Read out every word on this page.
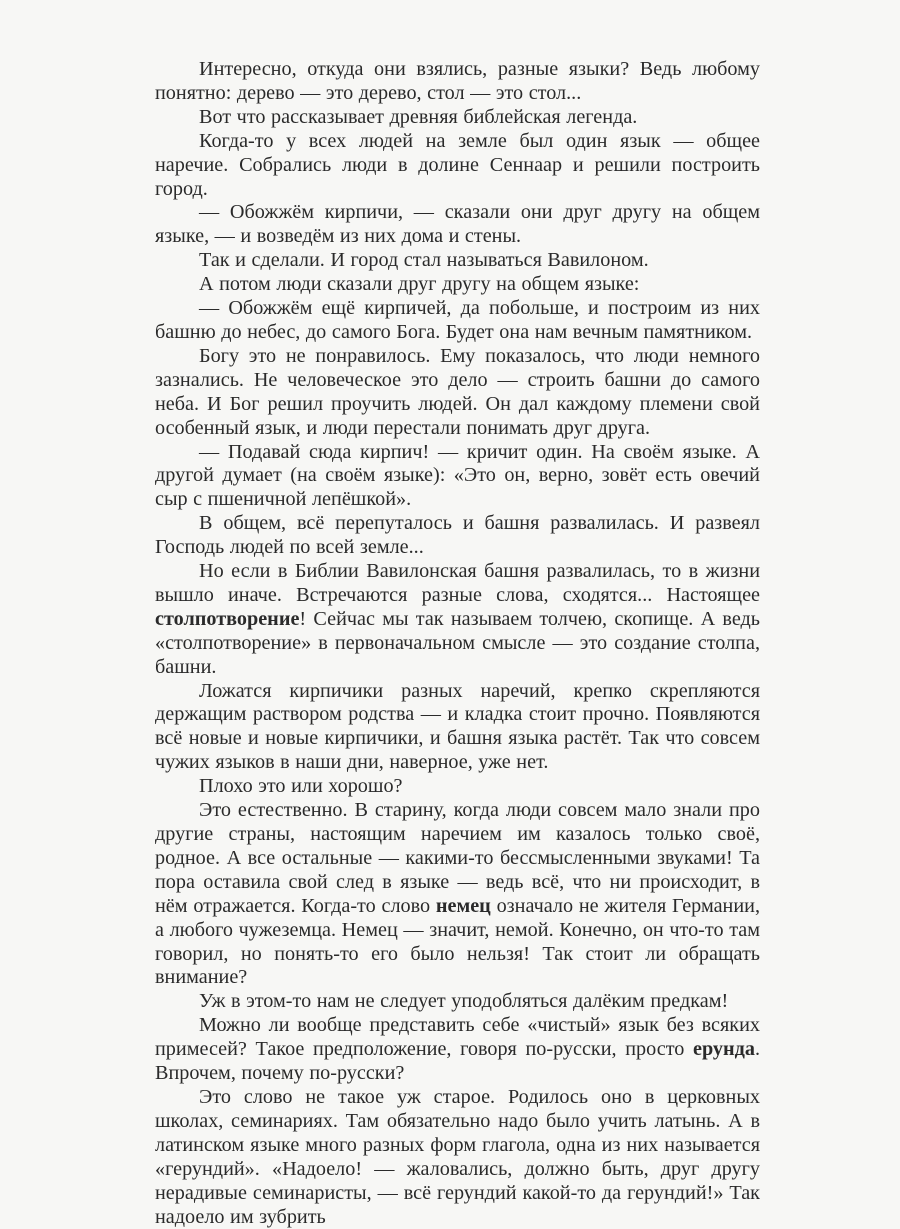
Интересно, откуда они взялись, разные языки? Ведь любому понятно: дерево — это дерево, стол — это стол...

Вот что рассказывает древняя библейская легенда.

Когда-то у всех людей на земле был один язык — общее наречие. Собрались люди в долине Сеннаар и решили построить город.

— Обожжём кирпичи, — сказали они друг другу на общем языке, — и возведём из них дома и стены.

Так и сделали. И город стал называться Вавилоном.

А потом люди сказали друг другу на общем языке:

— Обожжём ещё кирпичей, да побольше, и построим из них башню до небес, до самого Бога. Будет она нам вечным памятником.

Богу это не понравилось. Ему показалось, что люди немного зазнались. Не человеческое это дело — строить башни до самого неба. И Бог решил проучить людей. Он дал каждому племени свой особенный язык, и люди перестали понимать друг друга.

— Подавай сюда кирпич! — кричит один. На своём языке. А другой думает (на своём языке): «Это он, верно, зовёт есть овечий сыр с пшеничной лепёшкой».

В общем, всё перепуталось и башня развалилась. И развеял Господь людей по всей земле...

Но если в Библии Вавилонская башня развалилась, то в жизни вышло иначе. Встречаются разные слова, сходятся... Настоящее столпотворение! Сейчас мы так называем толчею, скопище. А ведь «столпотворение» в первоначальном смысле — это создание столпа, башни.

Ложатся кирпичики разных наречий, крепко скрепляются держащим раствором родства — и кладка стоит прочно. Появляются всё новые и новые кирпичики, и башня языка растёт. Так что совсем чужих языков в наши дни, наверное, уже нет.

Плохо это или хорошо?

Это естественно. В старину, когда люди совсем мало знали про другие страны, настоящим наречием им казалось только своё, родное. А все остальные — какими-то бессмысленными звуками! Та пора оставила свой след в языке — ведь всё, что ни происходит, в нём отражается. Когда-то слово немец означало не жителя Германии, а любого чужеземца. Немец — значит, немой. Конечно, он что-то там говорил, но понять-то его было нельзя! Так стоит ли обращать внимание?

Уж в этом-то нам не следует уподобляться далёким предкам!

Можно ли вообще представить себе «чистый» язык без всяких примесей? Такое предположение, говоря по-русски, просто ерунда. Впрочем, почему по-русски?

Это слово не такое уж старое. Родилось оно в церковных школах, семинариях. Там обязательно надо было учить латынь. А в латинском языке много разных форм глагола, одна из них называется «герундий». «Надоело! — жаловались, должно быть, друг другу нерадивые семинаристы, — всё герундий какой-то да герундий!» Так надоело им зубрить
